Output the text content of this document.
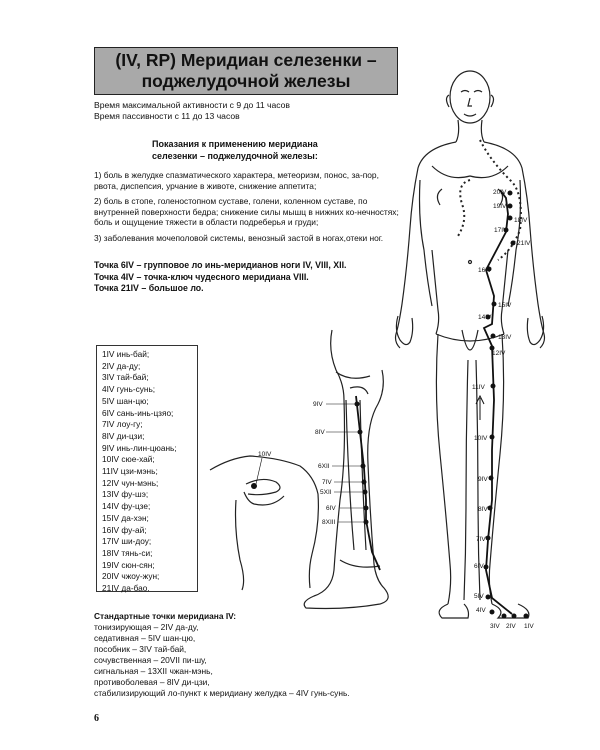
(IV, RP) Меридиан селезенки –
поджелудочной железы
Время максимальной активности с 9 до 11 часов
Время пассивности с 11 до 13 часов
Показания к применению меридиана
селезенки – поджелудочной железы:

1) боль в желудке спазматического характера, метеоризм, понос, за-пор, рвота, диспепсия, урчание в животе, снижение аппетита;

2) боль в стопе, голеностопном суставе, голени, коленном суставе, по внутренней поверхности бедра; снижение силы мышц в нижних ко-нечностях; боль и ощущение тяжести в области подреберья и груди;

3) заболевания мочеполовой системы, венозный застой в ногах,отеки ног.

Точка 6IV – групповое ло инь-меридианов ноги IV, VIII, XII.
Точка 4IV – точка-ключ чудесного меридиана VIII.
Точка 21IV – большое ло.
1IV инь-бай;
2IV да-ду;
3IV тай-бай;
4IV гунь-сунь;
5IV шан-цю;
6IV сань-инь-цзяо;
7IV лоу-гу;
8IV ди-цзи;
9IV инь-лин-цюань;
10IV сюе-хай;
11IV цзи-мэнь;
12IV чун-мэнь;
13IV фу-шэ;
14IV фу-цзе;
15IV да-хэн;
16IV фу-ай;
17IV ши-доу;
18IV тянь-си;
19IV сюн-сян;
20IV чжоу-жун;
21IV да-бао.
Стандартные точки меридиана IV:
тонизирующая – 2IV да-ду,
седативная – 5IV шан-цю,
пособник – 3IV тай-бай,
сочувственная – 20VII пи-шу,
сигнальная – 13XII чжан-мэнь,
противоболевая – 8IV ди-цзи,
стабилизирующий ло-пункт к меридиану желудка – 4IV гунь-сунь.
6
20IV
19IV
18IV
17IV
21IV
16IV
15IV
14IV
13IV
12IV
11IV
10IV
9IV
8IV
7IV
6IV
5IV
4IV
3IV 2IV 1IV
9IV
8IV
6XII
7IV
5XII
6IV
8XIII
10IV
